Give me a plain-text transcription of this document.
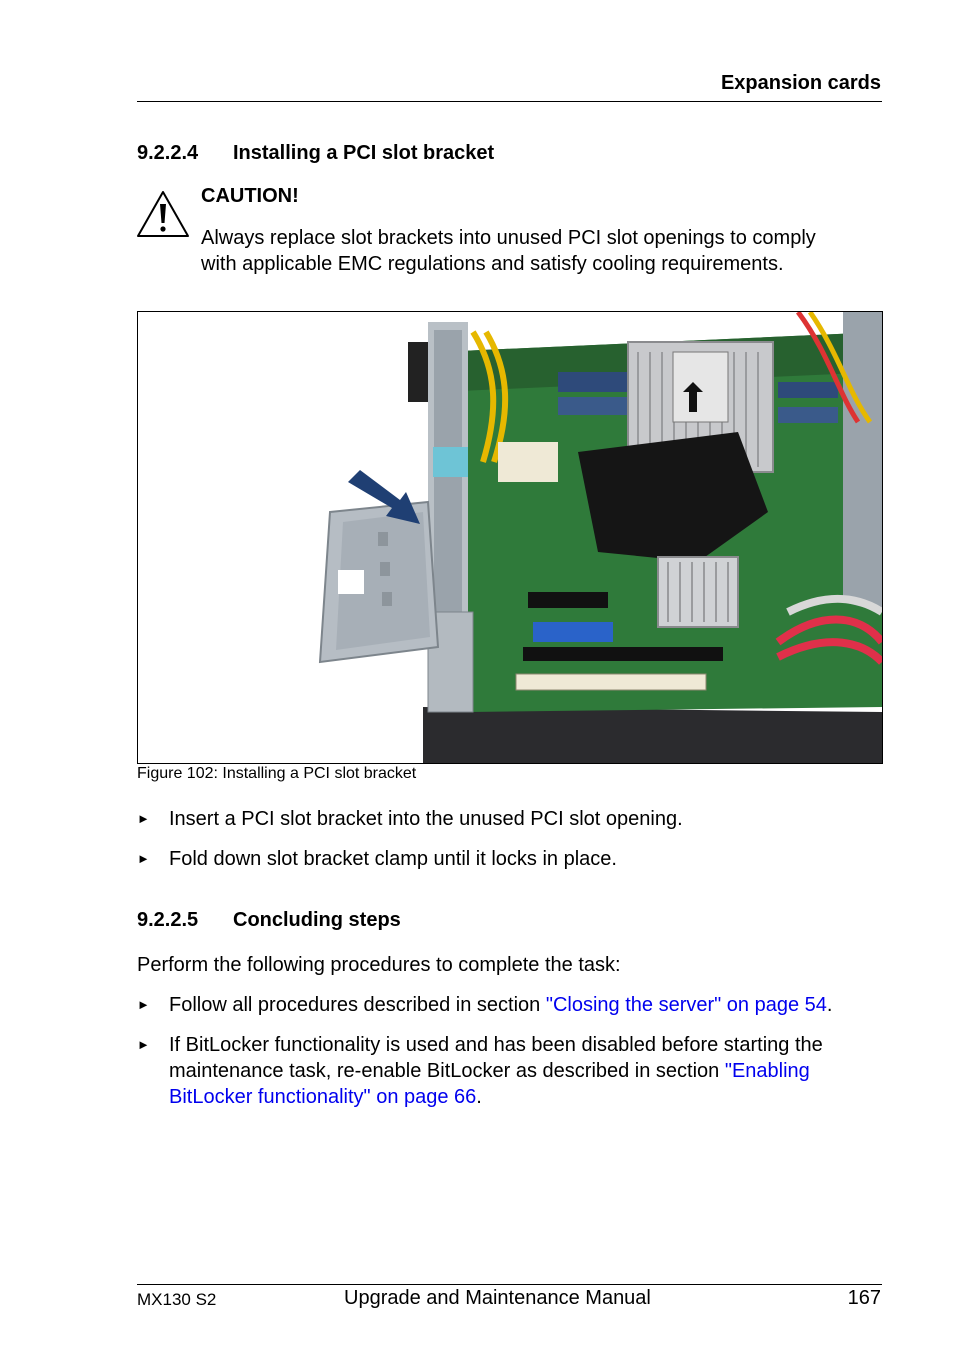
Expansion cards
9.2.2.4 Installing a PCI slot bracket
CAUTION!
Always replace slot brackets into unused PCI slot openings to comply
with applicable EMC regulations and satisfy cooling requirements.
Figure 102: Installing a PCI slot bracket
► Insert a PCI slot bracket into the unused PCI slot opening.
► Fold down slot bracket clamp until it locks in place.
9.2.2.5 Concluding steps
Perform the following procedures to complete the task:
► Follow all procedures described in section "Closing the server" on page 54.
► If BitLocker functionality is used and has been disabled before starting the
maintenance task, re-enable BitLocker as described in section "Enabling
BitLocker functionality" on page 66.
MX130 S2	Upgrade and Maintenance Manual	167
